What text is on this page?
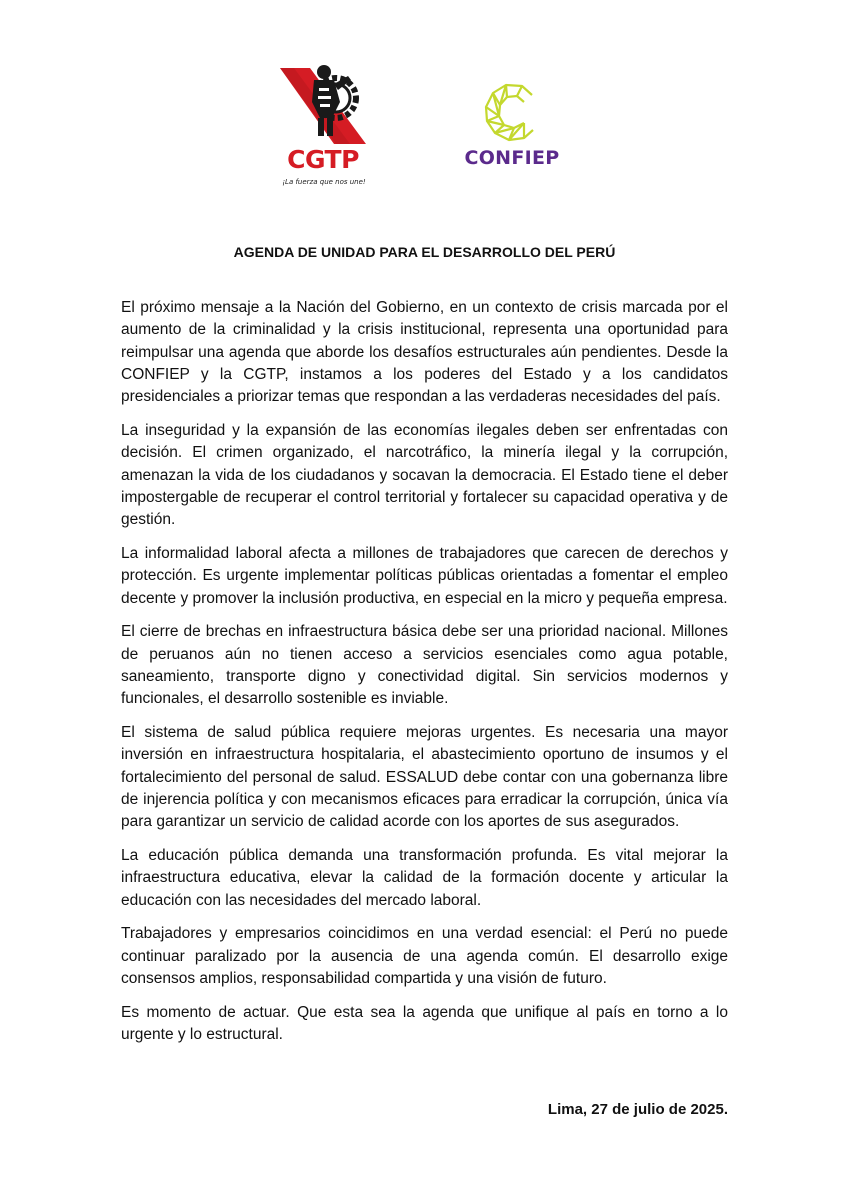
CGTP
¡La fuerza que nos une!
CONFIEP
AGENDA DE UNIDAD PARA EL DESARROLLO DEL PERÚ

El próximo mensaje a la Nación del Gobierno, en un contexto de crisis marcada por el aumento de la criminalidad y la crisis institucional, representa una oportunidad para reimpulsar una agenda que aborde los desafíos estructurales aún pendientes. Desde la CONFIEP y la CGTP, instamos a los poderes del Estado y a los candidatos presidenciales a priorizar temas que respondan a las verdaderas necesidades del país.

La inseguridad y la expansión de las economías ilegales deben ser enfrentadas con decisión. El crimen organizado, el narcotráfico, la minería ilegal y la corrupción, amenazan la vida de los ciudadanos y socavan la democracia. El Estado tiene el deber impostergable de recuperar el control territorial y fortalecer su capacidad operativa y de gestión.

La informalidad laboral afecta a millones de trabajadores que carecen de derechos y protección. Es urgente implementar políticas públicas orientadas a fomentar el empleo decente y promover la inclusión productiva, en especial en la micro y pequeña empresa.

El cierre de brechas en infraestructura básica debe ser una prioridad nacional. Millones de peruanos aún no tienen acceso a servicios esenciales como agua potable, saneamiento, transporte digno y conectividad digital. Sin servicios modernos y funcionales, el desarrollo sostenible es inviable.

El sistema de salud pública requiere mejoras urgentes. Es necesaria una mayor inversión en infraestructura hospitalaria, el abastecimiento oportuno de insumos y el fortalecimiento del personal de salud. ESSALUD debe contar con una gobernanza libre de injerencia política y con mecanismos eficaces para erradicar la corrupción, única vía para garantizar un servicio de calidad acorde con los aportes de sus asegurados.

La educación pública demanda una transformación profunda. Es vital mejorar la infraestructura educativa, elevar la calidad de la formación docente y articular la educación con las necesidades del mercado laboral.

Trabajadores y empresarios coincidimos en una verdad esencial: el Perú no puede continuar paralizado por la ausencia de una agenda común. El desarrollo exige consensos amplios, responsabilidad compartida y una visión de futuro.

Es momento de actuar. Que esta sea la agenda que unifique al país en torno a lo urgente y lo estructural.

Lima, 27 de julio de 2025.
